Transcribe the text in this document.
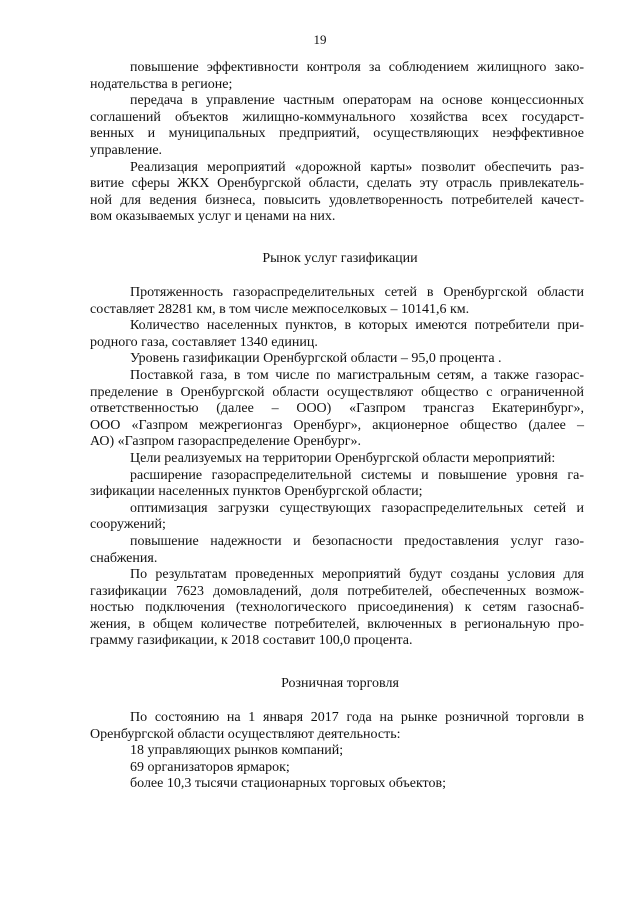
19
повышение эффективности контроля за соблюдением жилищного зако-
нодательства в регионе;
передача в управление частным операторам на основе концессионных
соглашений объектов жилищно-коммунального хозяйства всех государст-
венных и муниципальных предприятий, осуществляющих неэффективное
управление.
Реализация мероприятий «дорожной карты» позволит обеспечить раз-
витие сферы ЖКХ Оренбургской области, сделать эту отрасль привлекатель-
ной для ведения бизнеса, повысить удовлетворенность потребителей качест-
вом оказываемых услуг и ценами на них.
Рынок услуг газификации
Протяженность газораспределительных сетей в Оренбургской области
составляет 28281 км, в том числе межпоселковых – 10141,6 км.
Количество населенных пунктов, в которых имеются потребители при-
родного газа, составляет 1340 единиц.
Уровень газификации Оренбургской области – 95,0 процента .
Поставкой газа, в том числе по магистральным сетям, а также газорас-
пределение в Оренбургской области осуществляют общество с ограниченной
ответственностью (далее – ООО) «Газпром трансгаз Екатеринбург»,
ООО «Газпром межрегионгаз Оренбург», акционерное общество (далее –
АО) «Газпром газораспределение Оренбург».
Цели реализуемых на территории Оренбургской области мероприятий:
расширение газораспределительной системы и повышение уровня га-
зификации населенных пунктов Оренбургской области;
оптимизация загрузки существующих газораспределительных сетей и
сооружений;
повышение надежности и безопасности предоставления услуг газо-
снабжения.
По результатам проведенных мероприятий будут созданы условия для
газификации 7623 домовладений, доля потребителей, обеспеченных возмож-
ностью подключения (технологического присоединения) к сетям газоснаб-
жения, в общем количестве потребителей, включенных в региональную про-
грамму газификации, к 2018 составит 100,0 процента.
Розничная торговля
По состоянию на 1 января 2017 года на рынке розничной торговли в
Оренбургской области осуществляют деятельность:
18 управляющих рынков компаний;
69 организаторов ярмарок;
более 10,3 тысячи стационарных торговых объектов;
